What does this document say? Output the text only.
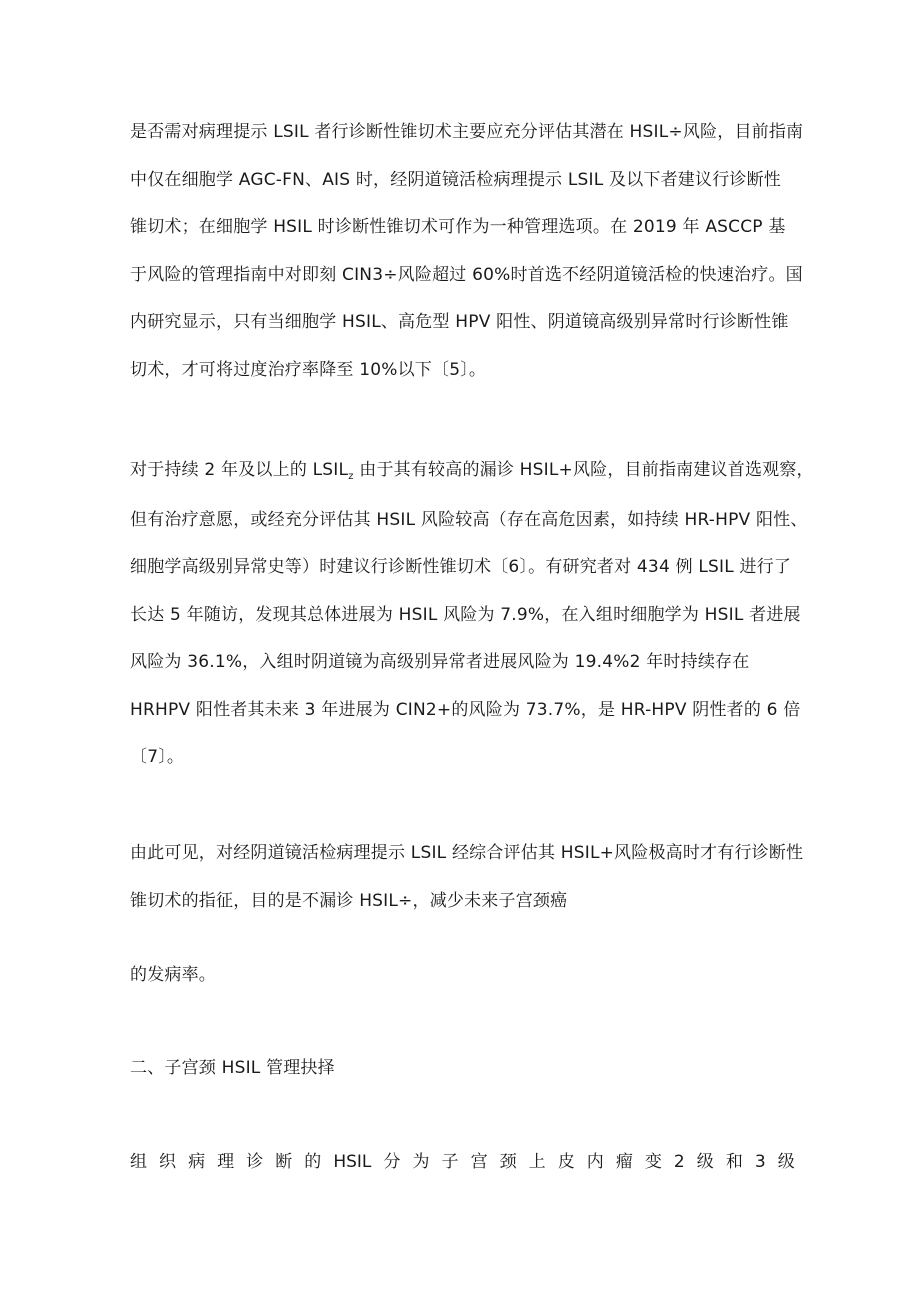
是否需对病理提示 LSIL 者行诊断性锥切术主要应充分评估其潜在 HSIL÷风险，目前指南
中仅在细胞学 AGC-FN、AIS 时，经阴道镜活检病理提示 LSIL 及以下者建议行诊断性
锥切术；在细胞学 HSIL 时诊断性锥切术可作为一种管理选项。在 2019 年 ASCCP 基
于风险的管理指南中对即刻 CIN3÷风险超过 60%时首选不经阴道镜活检的快速治疗。国
内研究显示，只有当细胞学 HSIL、高危型 HPV 阳性、阴道镜高级别异常时行诊断性锥
切术，才可将过度治疗率降至 10%以下〔5〕。
对于持续 2 年及以上的 $LSIL_z$ 由于其有较高的漏诊 HSIL+风险，目前指南建议首选观察，
但有治疗意愿，或经充分评估其 HSIL 风险较高（存在高危因素，如持续 HR-HPV 阳性、
细胞学高级别异常史等）时建议行诊断性锥切术〔6〕。有研究者对 434 例 LSIL 进行了
长达 5 年随访，发现其总体进展为 HSIL 风险为 7.9%，在入组时细胞学为 HSIL 者进展
风险为 36.1%，入组时阴道镜为高级别异常者进展风险为 19.4%2 年时持续存在
HRHPV 阳性者其未来 3 年进展为 CIN2+的风险为 73.7%，是 HR-HPV 阴性者的 6 倍
〔7〕。
由此可见，对经阴道镜活检病理提示 LSIL 经综合评估其 HSIL+风险极高时才有行诊断性
锥切术的指征，目的是不漏诊 HSIL÷，减少未来子宫颈癌
的发病率。
二、子宫颈 HSIL 管理抉择
组 织 病 理 诊 断 的 HSIL 分 为 子 宫 颈 上 皮 内 瘤 变 2 级 和 3 级
